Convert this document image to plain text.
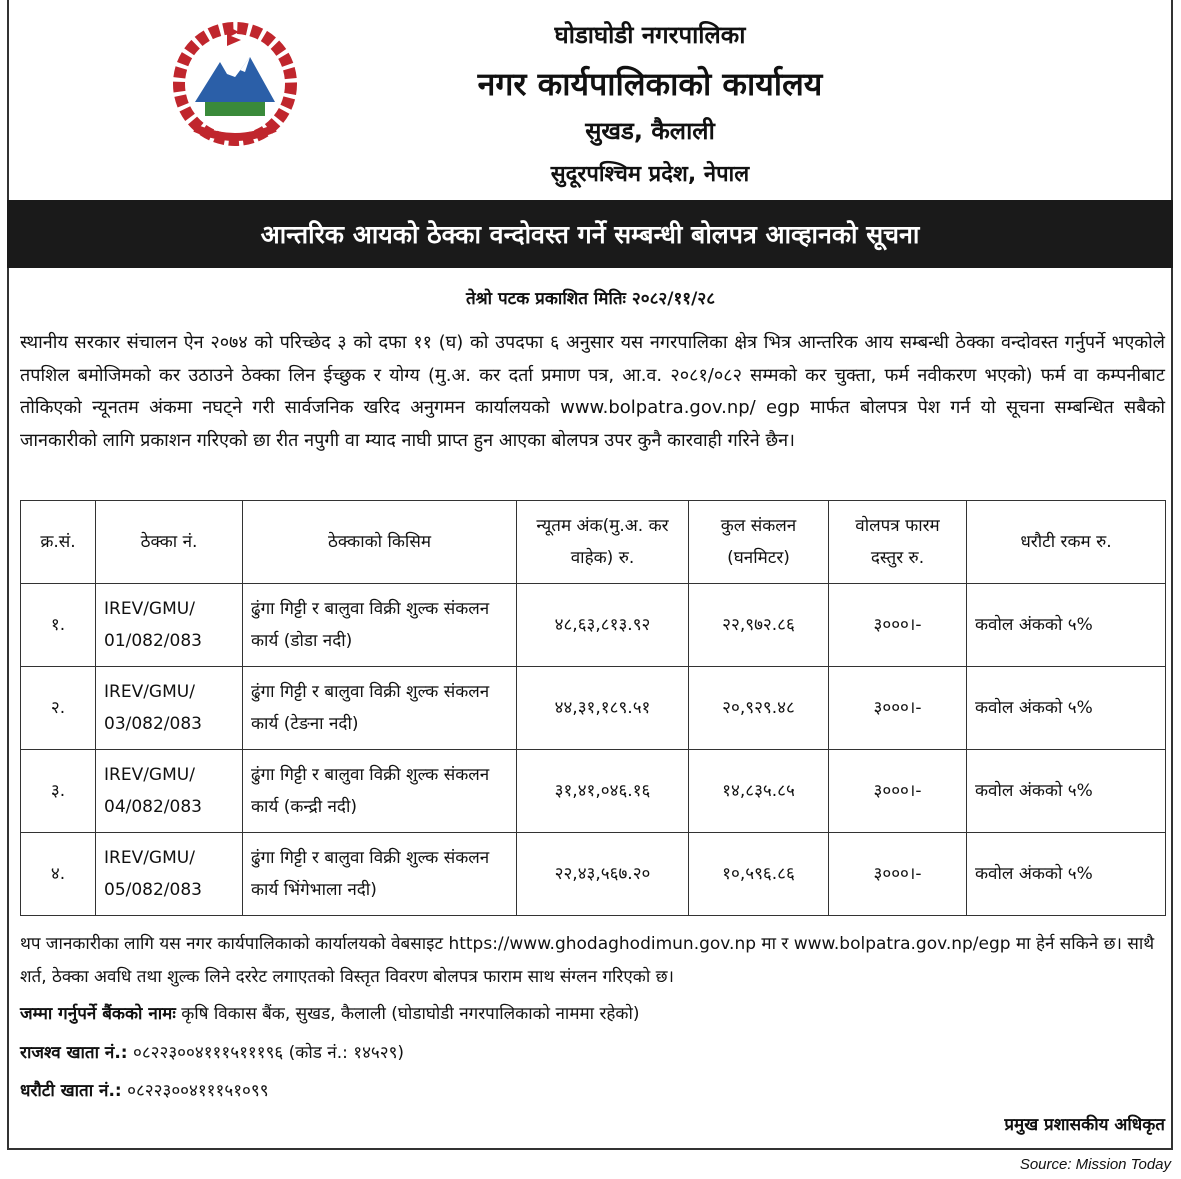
घोडाघोडी नगरपालिका
नगर कार्यपालिकाको कार्यालय
सुखड, कैलाली
सुदूरपश्चिम प्रदेश, नेपाल
आन्तरिक आयको ठेक्का वन्दोवस्त गर्ने सम्बन्धी बोलपत्र आव्हानको सूचना
तेश्रो पटक प्रकाशित मितिः २०८२/११/२८
स्थानीय सरकार संचालन ऐन २०७४ को परिच्छेद ३ को दफा ११ (घ) को उपदफा ६ अनुसार यस नगरपालिका क्षेत्र भित्र आन्तरिक आय सम्बन्धी ठेक्का वन्दोवस्त गर्नुपर्ने भएकोले तपशिल बमोजिमको कर उठाउने ठेक्का लिन ईच्छुक र योग्य (मु.अ. कर दर्ता प्रमाण पत्र, आ.व. २०८१/०८२ सम्मको कर चुक्ता, फर्म नवीकरण भएको) फर्म वा कम्पनीबाट तोकिएको न्यूनतम अंकमा नघट्ने गरी सार्वजनिक खरिद अनुगमन कार्यालयको www.bolpatra.gov.np/ egp मार्फत बोलपत्र पेश गर्न यो सूचना सम्बन्धित सबैको जानकारीको लागि प्रकाशन गरिएको छा रीत नपुगी वा म्याद नाघी प्राप्त हुन आएका बोलपत्र उपर कुनै कारवाही गरिने छैन।
क्र.सं.	ठेक्का नं.	ठेक्काको किसिम	न्यूतम अंक(मु.अ. कर वाहेक) रु.	कुल संकलन (घनमिटर)	वोलपत्र फारम दस्तुर रु.	धरौटी रकम रु.
१.	IREV/GMU/ 01/082/083	ढुंगा गिट्टी र बालुवा विक्री शुल्क संकलन कार्य (डोडा नदी)	४८,६३,८१३.९२	२२,९७२.८६	३०००।-	कवोल अंकको ५%
२.	IREV/GMU/ 03/082/083	ढुंगा गिट्टी र बालुवा विक्री शुल्क संकलन कार्य (टेङना नदी)	४४,३१,१८९.५१	२०,९२९.४८	३०००।-	कवोल अंकको ५%
३.	IREV/GMU/ 04/082/083	ढुंगा गिट्टी र बालुवा विक्री शुल्क संकलन कार्य (कन्द्री नदी)	३१,४१,०४६.१६	१४,८३५.८५	३०००।-	कवोल अंकको ५%
४.	IREV/GMU/ 05/082/083	ढुंगा गिट्टी र बालुवा विक्री शुल्क संकलन कार्य भिंगेभाला नदी)	२२,४३,५६७.२०	१०,५९६.८६	३०००।-	कवोल अंकको ५%
थप जानकारीका लागि यस नगर कार्यपालिकाको कार्यालयको वेबसाइट https://www.ghodaghodimun.gov.np मा र www.bolpatra.gov.np/egp मा हेर्न सकिने छ। साथै शर्त, ठेक्का अवधि तथा शुल्क लिने दररेट लगाएतको विस्तृत विवरण बोलपत्र फाराम साथ संग्लन गरिएको छ।
जम्मा गर्नुपर्ने बैंकको नामः कृषि विकास बैंक, सुखड, कैलाली (घोडाघोडी नगरपालिकाको नाममा रहेको)
राजश्व खाता नं.: ०८२२३००४१११५१११९६ (कोड नं.: १४५२९)
धरौटी खाता नं.: ०८२२३००४१११५१०९९
प्रमुख प्रशासकीय अधिकृत
Source: Mission Today
